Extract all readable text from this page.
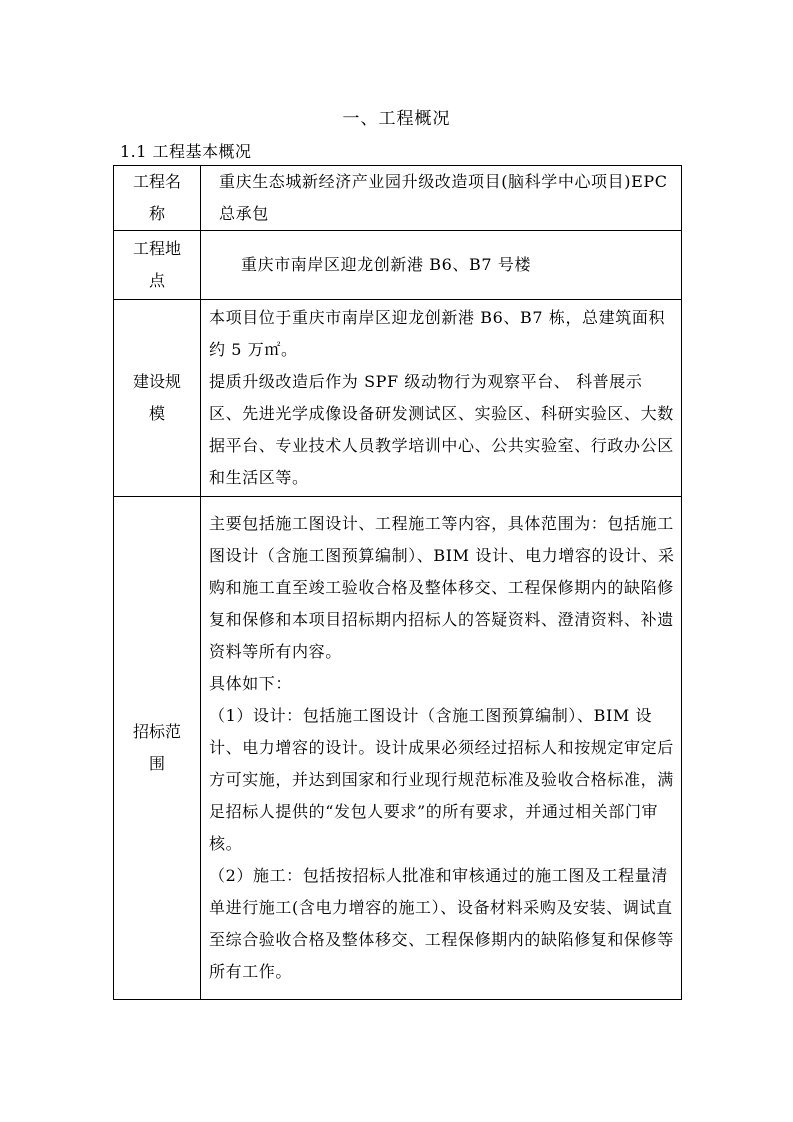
一、工程概况
1.1 工程基本概况
工程名称	重庆生态城新经济产业园升级改造项目(脑科学中心项目)EPC 总承包

工程地点	重庆市南岸区迎龙创新港 B6、B7 号楼

建设规模	本项目位于重庆市南岸区迎龙创新港 B6、B7 栋，总建筑面积约 5 万㎡。
提质升级改造后作为 SPF 级动物行为观察平台、 科普展示区、先进光学成像设备研发测试区、实验区、科研实验区、大数据平台、专业技术人员教学培训中心、公共实验室、行政办公区和生活区等。

招标范围	主要包括施工图设计、工程施工等内容，具体范围为：包括施工图设计（含施工图预算编制）、BIM 设计、电力增容的设计、采购和施工直至竣工验收合格及整体移交、工程保修期内的缺陷修复和保修和本项目招标期内招标人的答疑资料、澄清资料、补遗资料等所有内容。
具体如下：
（1）设计：包括施工图设计（含施工图预算编制）、BIM 设计、电力增容的设计。设计成果必须经过招标人和按规定审定后方可实施，并达到国家和行业现行规范标准及验收合格标准，满足招标人提供的“发包人要求”的所有要求，并通过相关部门审核。
（2）施工：包括按招标人批准和审核通过的施工图及工程量清单进行施工(含电力增容的施工）、设备材料采购及安装、调试直至综合验收合格及整体移交、工程保修期内的缺陷修复和保修等所有工作。
